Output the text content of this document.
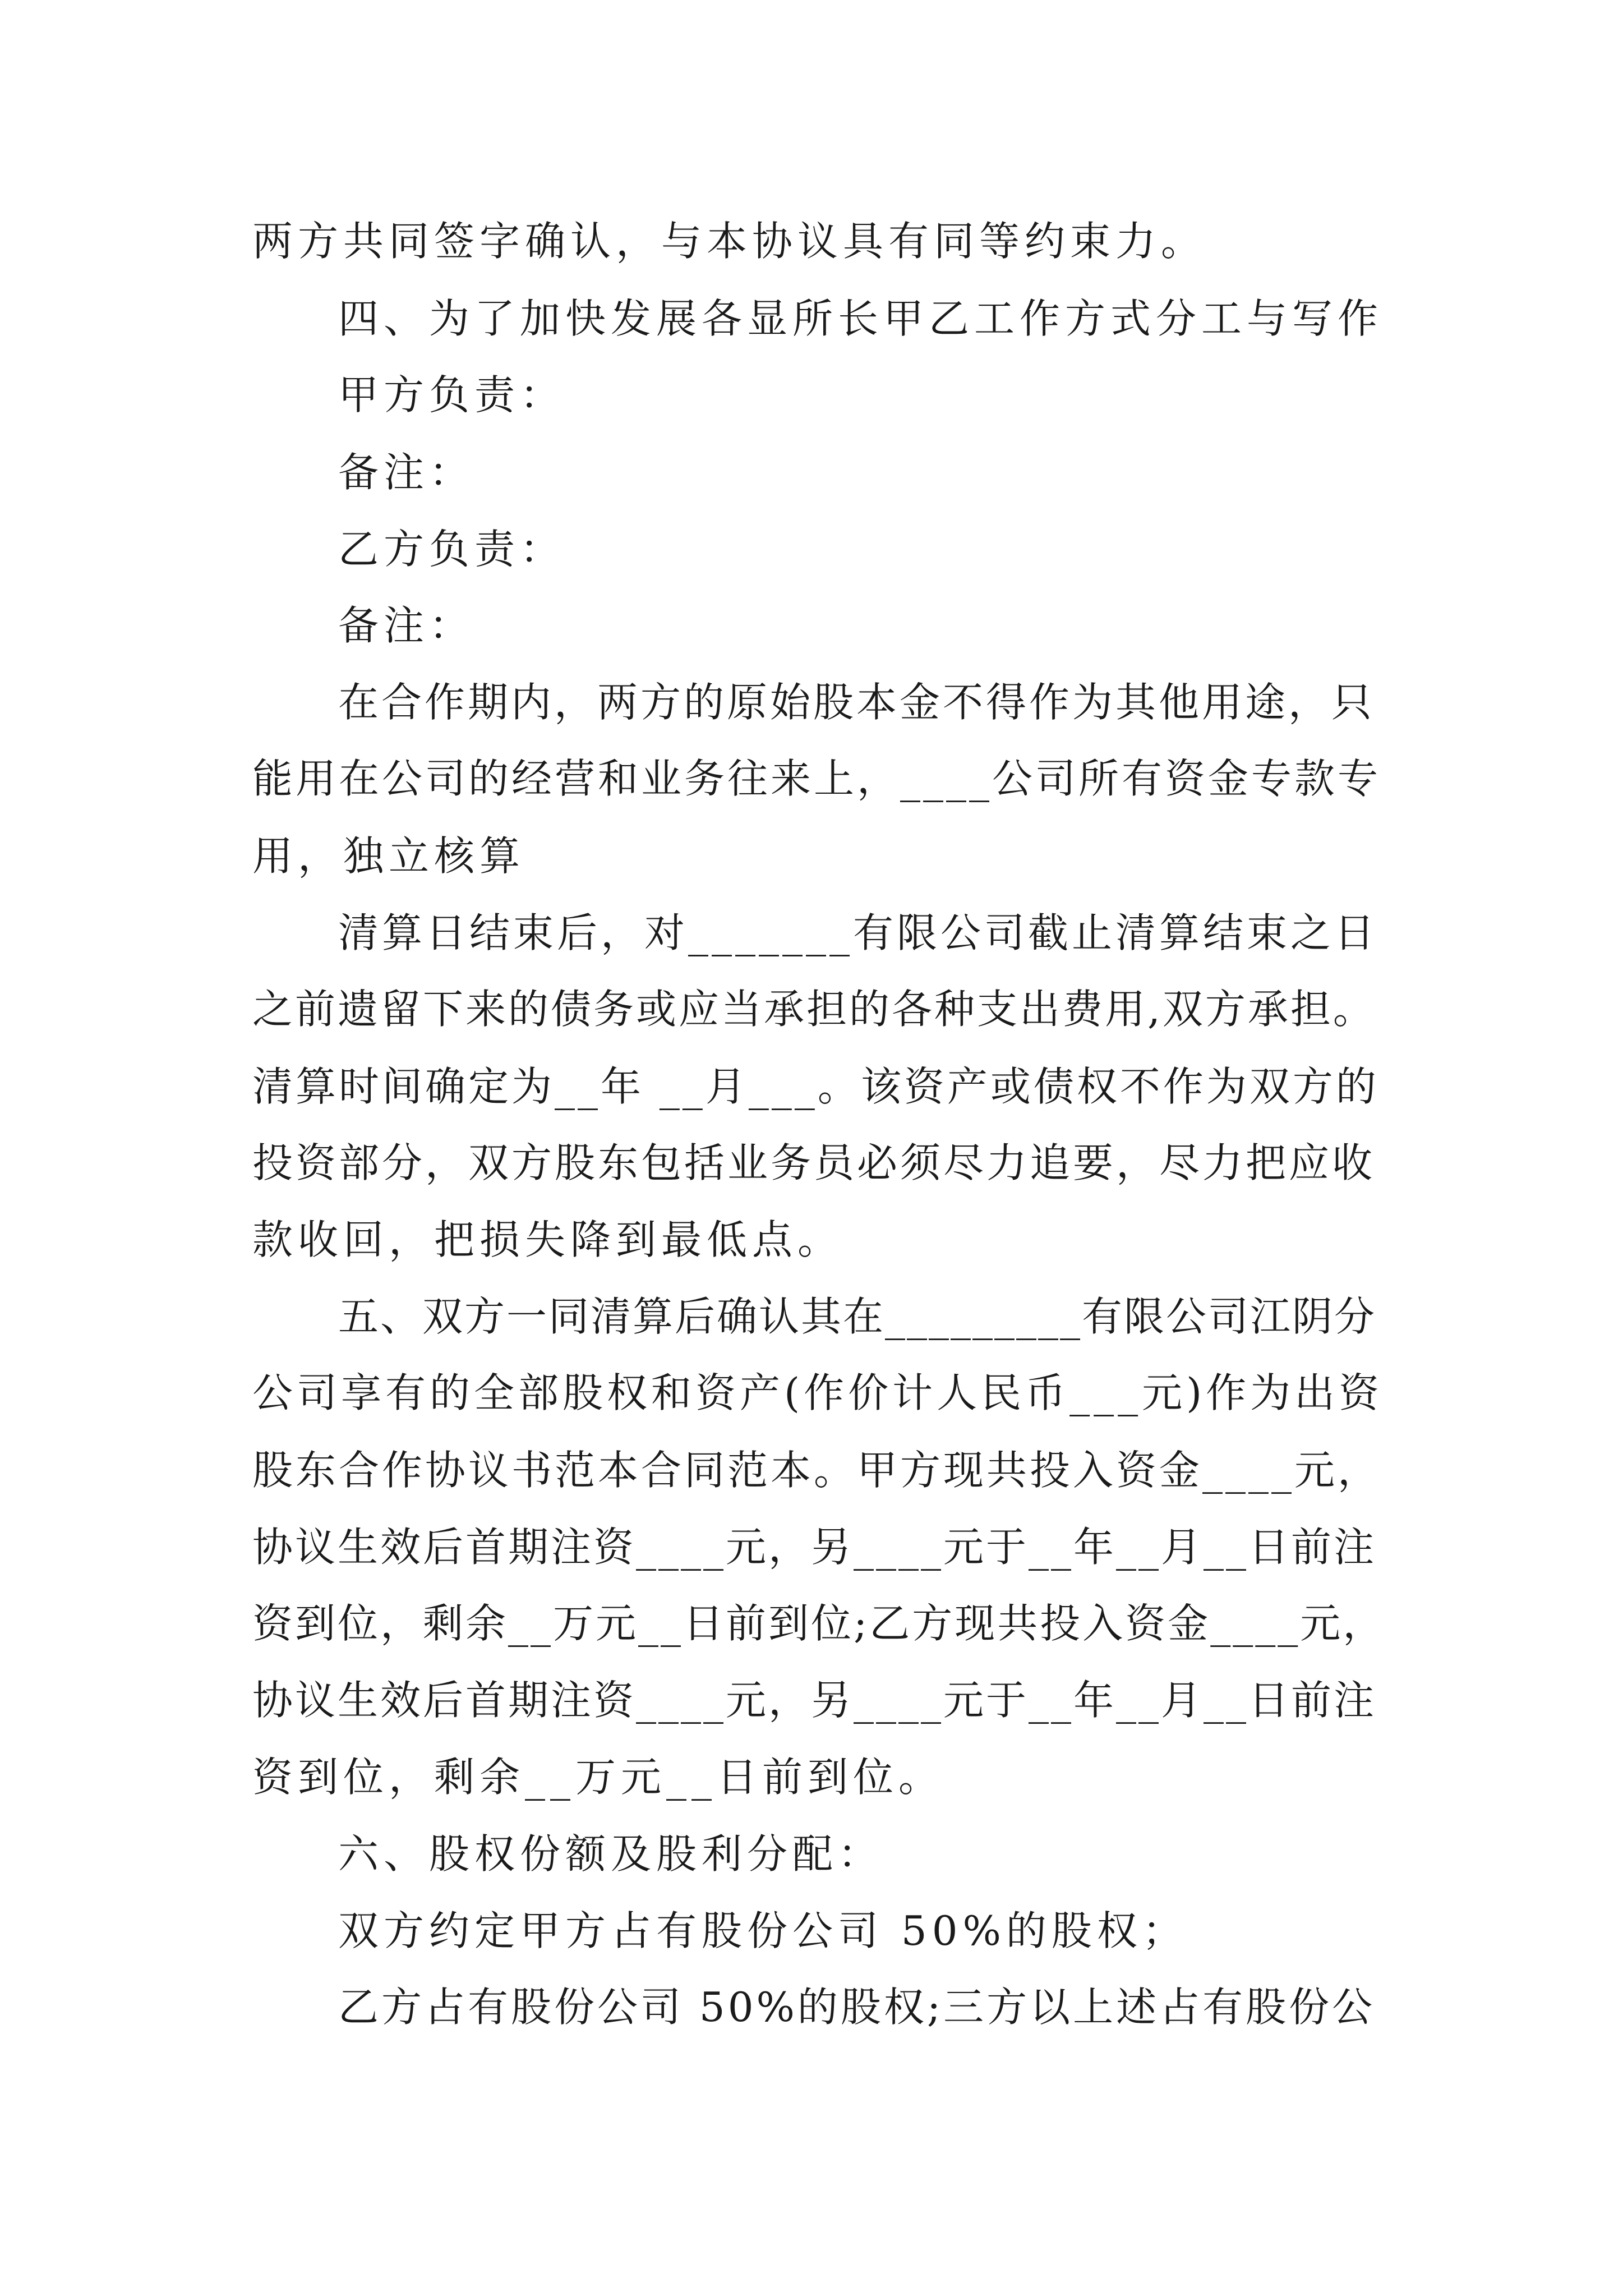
两方共同签字确认，与本协议具有同等约束力。
四、为了加快发展各显所长甲乙工作方式分工与写作
甲方负责：
备注：
乙方负责：
备注：
在合作期内，两方的原始股本金不得作为其他用途，只
能用在公司的经营和业务往来上，____公司所有资金专款专
用，独立核算
清算日结束后，对_______有限公司截止清算结束之日
之前遗留下来的债务或应当承担的各种支出费用,双方承担。
清算时间确定为__年 __月___。该资产或债权不作为双方的
投资部分，双方股东包括业务员必须尽力追要，尽力把应收
款收回，把损失降到最低点。
五、双方一同清算后确认其在_________有限公司江阴分
公司享有的全部股权和资产(作价计人民币___元)作为出资
股东合作协议书范本合同范本。甲方现共投入资金____元，
协议生效后首期注资____元，另____元于__年__月__日前注
资到位，剩余__万元__日前到位;乙方现共投入资金____元，
协议生效后首期注资____元，另____元于__年__月__日前注
资到位，剩余__万元__日前到位。
六、股权份额及股利分配：
双方约定甲方占有股份公司 50%的股权；
乙方占有股份公司 50%的股权;三方以上述占有股份公
